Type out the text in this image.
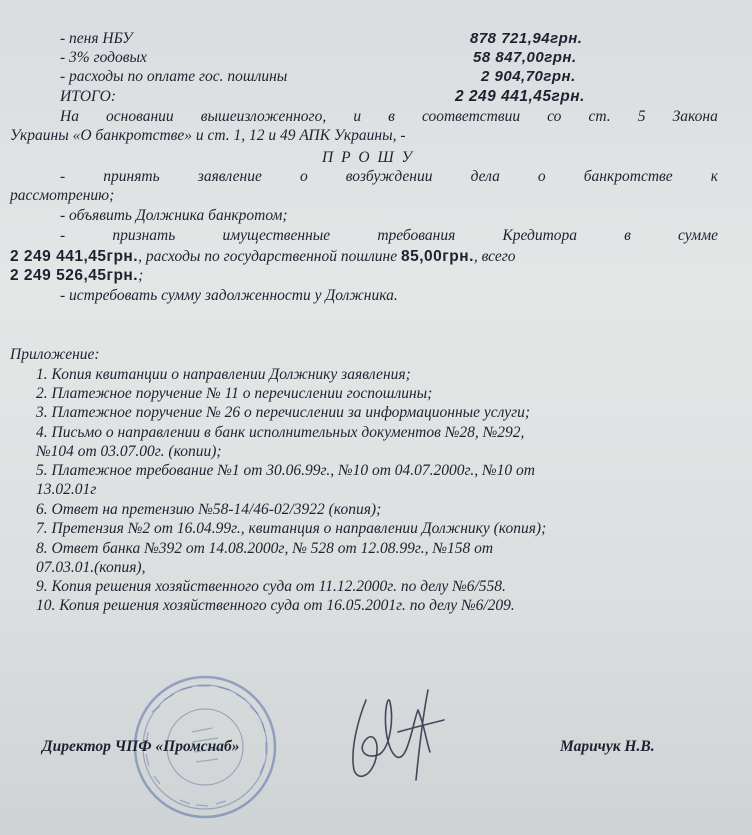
- пеня НБУ	878 721,94грн.
- 3% годовых	58 847,00грн.
- расходы по оплате гос. пошлины	2 904,70грн.
ИТОГО:	2 249 441,45грн.
На основании вышеизложенного, и в соответствии со ст. 5 Закона
Украины «О банкротстве» и ст. 1, 12 и 49 АПК Украины, -
П Р О Ш У
- принять заявление о возбуждении дела о банкротстве к
рассмотрению;
- объявить Должника банкротом;
-	признать	имущественные	требования	Кредитора	в	сумме
2 249 441,45грн., расходы по государственной пошлине 85,00грн., всего
2 249 526,45грн.;
- истребовать сумму задолженности у Должника.
Приложение:
1. Копия квитанции о направлении Должнику заявления;
2. Платежное поручение № 11 о перечислении госпошлины;
3. Платежное поручение № 26 о перечислении за информационные услуги;
4. Письмо о направлении в банк исполнительных документов №28, №292,
№104 от 03.07.00г. (копии);
5. Платежное требование №1 от 30.06.99г., №10 от 04.07.2000г., №10 от
13.02.01г
6. Ответ на претензию №58-14/46-02/3922 (копия);
7. Претензия №2 от 16.04.99г., квитанция о направлении Должнику (копия);
8. Ответ банка №392 от 14.08.2000г, № 528 от 12.08.99г., №158 от
07.03.01.(копия),
9. Копия решения хозяйственного суда от 11.12.2000г. по делу №6/558.
10. Копия решения хозяйственного суда от 16.05.2001г. по делу №6/209.
Директор ЧПФ «Промснаб»	Маричук Н.В.
